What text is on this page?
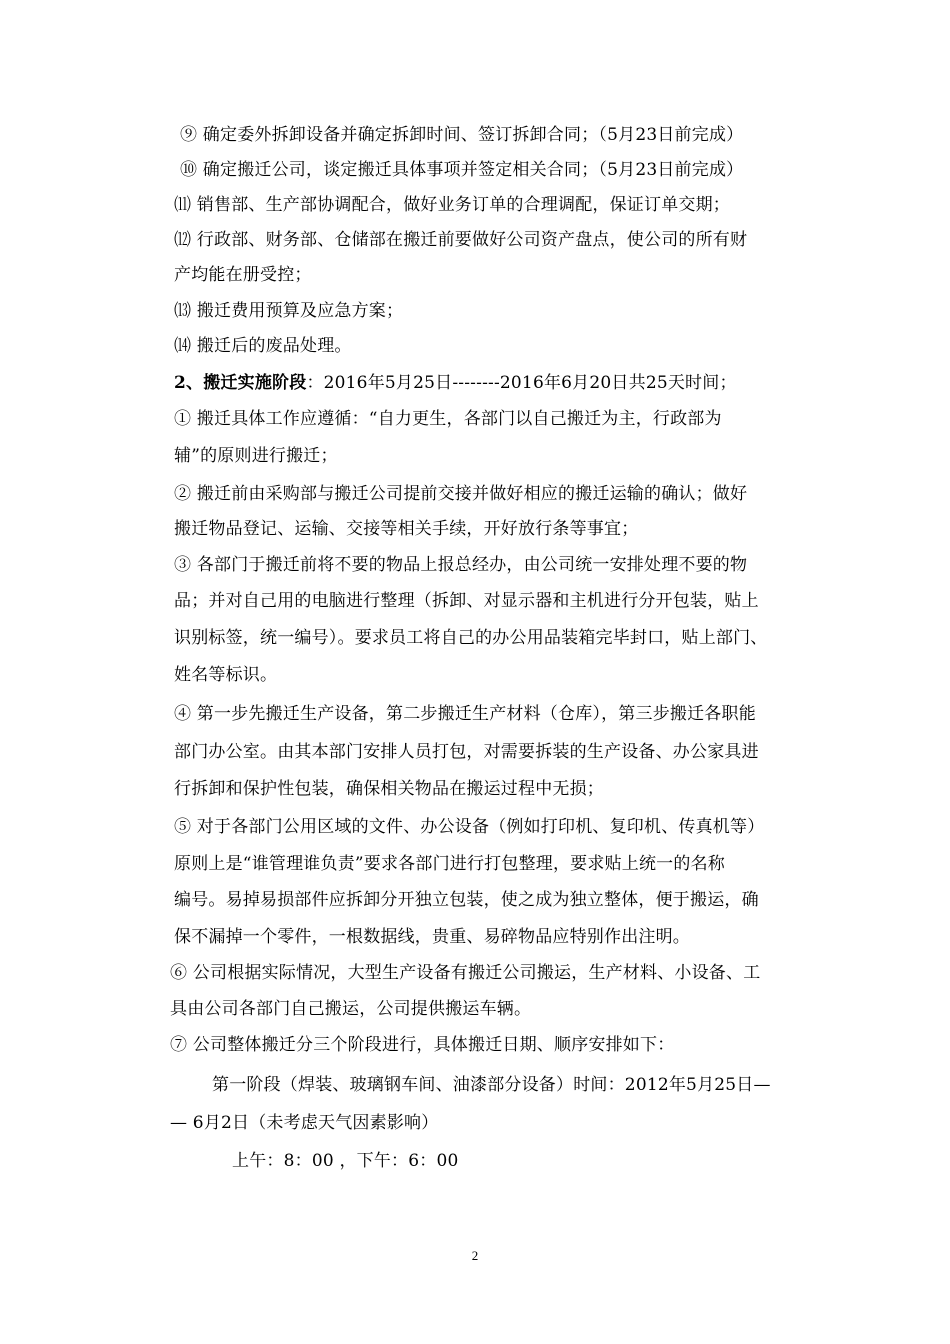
⑨ 确定委外拆卸设备并确定拆卸时间、签订拆卸合同；（5月23日前完成）
⑩ 确定搬迁公司，谈定搬迁具体事项并签定相关合同；（5月23日前完成）
⑾ 销售部、生产部协调配合，做好业务订单的合理调配，保证订单交期；
⑿ 行政部、财务部、仓储部在搬迁前要做好公司资产盘点，使公司的所有财
产均能在册受控；
⒀ 搬迁费用预算及应急方案；
⒁ 搬迁后的废品处理。
2、搬迁实施阶段：2016年5月25日--------2016年6月20日共25天时间；
① 搬迁具体工作应遵循：“自力更生，各部门以自己搬迁为主，行政部为
辅”的原则进行搬迁；
② 搬迁前由采购部与搬迁公司提前交接并做好相应的搬迁运输的确认；做好
搬迁物品登记、运输、交接等相关手续，开好放行条等事宜；
③ 各部门于搬迁前将不要的物品上报总经办，由公司统一安排处理不要的物
品；并对自己用的电脑进行整理（拆卸、对显示器和主机进行分开包装，贴上
识别标签，统一编号）。要求员工将自己的办公用品装箱完毕封口，贴上部门、
姓名等标识。
④ 第一步先搬迁生产设备，第二步搬迁生产材料（仓库），第三步搬迁各职能
部门办公室。由其本部门安排人员打包，对需要拆装的生产设备、办公家具进
行拆卸和保护性包装，确保相关物品在搬运过程中无损；
⑤ 对于各部门公用区域的文件、办公设备（例如打印机、复印机、传真机等）
原则上是“谁管理谁负责”要求各部门进行打包整理，要求贴上统一的名称
编号。易掉易损部件应拆卸分开独立包装，使之成为独立整体，便于搬运，确
保不漏掉一个零件，一根数据线，贵重、易碎物品应特别作出注明。
⑥ 公司根据实际情况，大型生产设备有搬迁公司搬运，生产材料、小设备、工
具由公司各部门自己搬运，公司提供搬运车辆。
⑦ 公司整体搬迁分三个阶段进行，具体搬迁日期、顺序安排如下：
第一阶段（焊装、玻璃钢车间、油漆部分设备）时间：2012年5月25日—
— 6月2日（未考虑天气因素影响）
上午：8：00 ，下午：6：00
2
